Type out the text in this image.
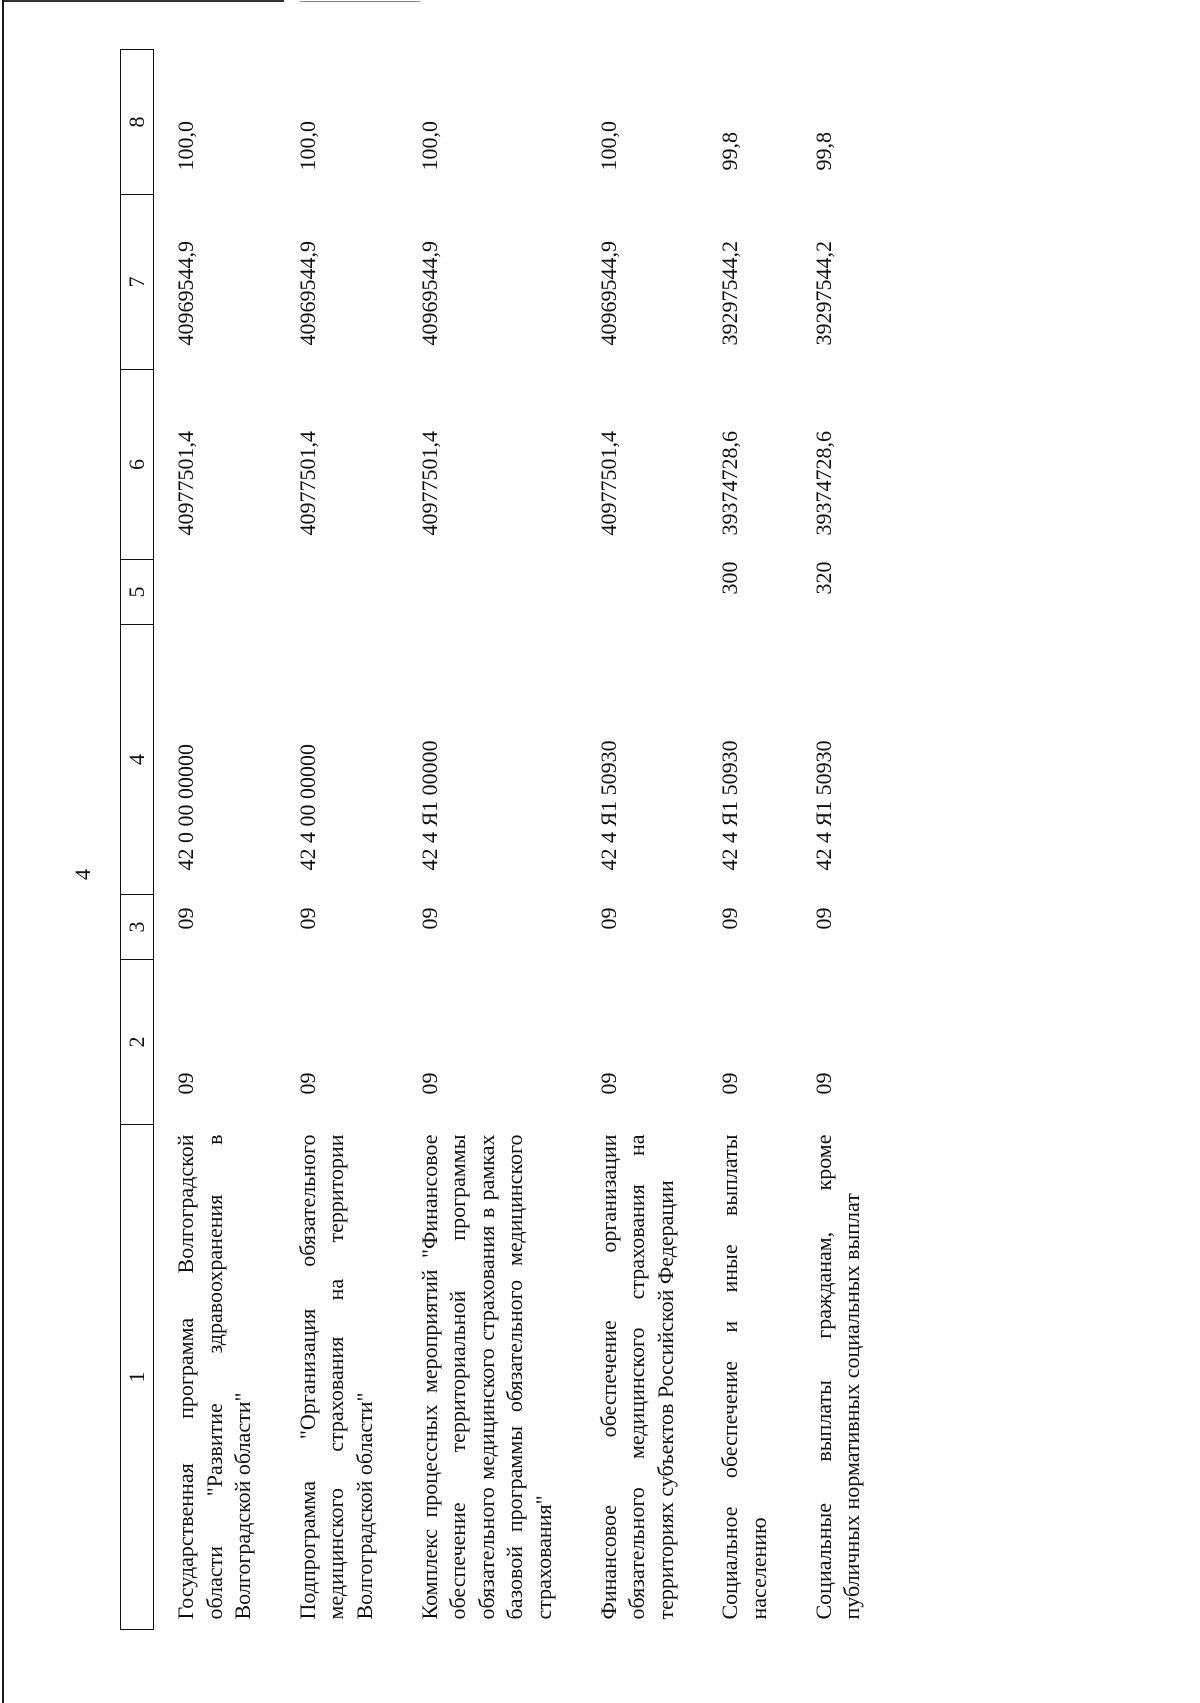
4
1	2	3	4	5	6	7	8
Государственная программа Волгоградской области "Развитие здравоохранения в Волгоградской области"	09	09	42 0 00 00000		40977501,4	40969544,9	100,0
Подпрограмма "Организация обязательного медицинского страхования на территории Волгоградской области"	09	09	42 4 00 00000		40977501,4	40969544,9	100,0
Комплекс процессных мероприятий "Финансовое обеспечение территориальной программы обязательного медицинского страхования в рамках базовой программы обязательного медицинского страхования"	09	09	42 4 Я1 00000		40977501,4	40969544,9	100,0
Финансовое обеспечение организации обязательного медицинского страхования на территориях субъектов Российской Федерации	09	09	42 4 Я1 50930		40977501,4	40969544,9	100,0
Социальное обеспечение и иные выплаты населению	09	09	42 4 Я1 50930	300	39374728,6	39297544,2	99,8
Социальные выплаты гражданам, кроме публичных нормативных социальных выплат	09	09	42 4 Я1 50930	320	39374728,6	39297544,2	99,8
